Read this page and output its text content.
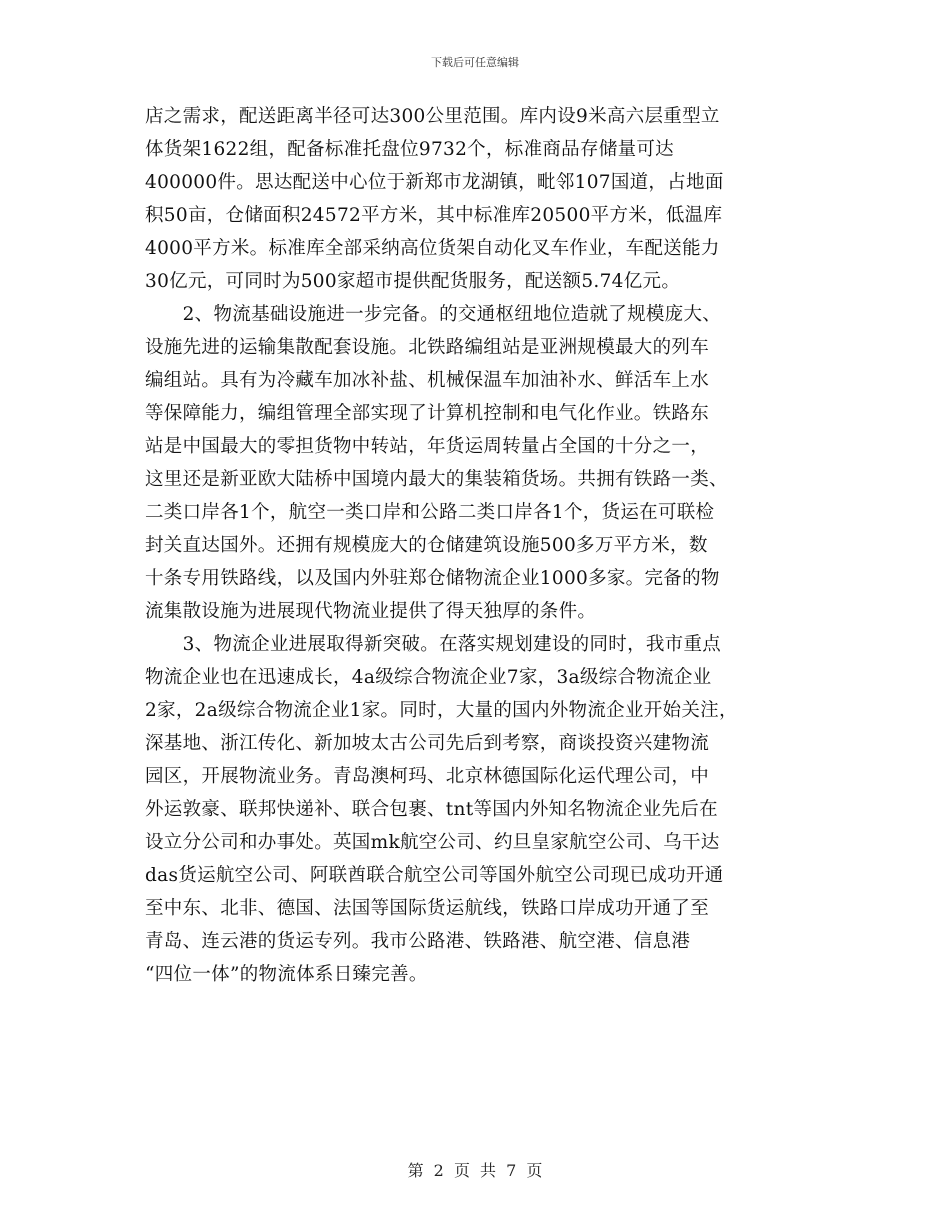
下载后可任意编辑
店之需求，配送距离半径可达300公里范围。库内设9米高六层重型立
体货架1622组，配备标准托盘位9732个，标准商品存储量可达
400000件。思达配送中心位于新郑市龙湖镇，毗邻107国道，占地面
积50亩，仓储面积24572平方米，其中标准库20500平方米，低温库
4000平方米。标准库全部采纳高位货架自动化叉车作业，车配送能力
30亿元，可同时为500家超市提供配货服务，配送额5.74亿元。
　　2、物流基础设施进一步完备。的交通枢纽地位造就了规模庞大、
设施先进的运输集散配套设施。北铁路编组站是亚洲规模最大的列车
编组站。具有为冷藏车加冰补盐、机械保温车加油补水、鲜活车上水
等保障能力，编组管理全部实现了计算机控制和电气化作业。铁路东
站是中国最大的零担货物中转站，年货运周转量占全国的十分之一，
这里还是新亚欧大陆桥中国境内最大的集装箱货场。共拥有铁路一类、
二类口岸各1个，航空一类口岸和公路二类口岸各1个，货运在可联检
封关直达国外。还拥有规模庞大的仓储建筑设施500多万平方米，数
十条专用铁路线，以及国内外驻郑仓储物流企业1000多家。完备的物
流集散设施为进展现代物流业提供了得天独厚的条件。
　　3、物流企业进展取得新突破。在落实规划建设的同时，我市重点
物流企业也在迅速成长，4a级综合物流企业7家，3a级综合物流企业
2家，2a级综合物流企业1家。同时，大量的国内外物流企业开始关注，
深基地、浙江传化、新加坡太古公司先后到考察，商谈投资兴建物流
园区，开展物流业务。青岛澳柯玛、北京林德国际化运代理公司，中
外运敦豪、联邦快递补、联合包裹、tnt等国内外知名物流企业先后在
设立分公司和办事处。英国mk航空公司、约旦皇家航空公司、乌干达
das货运航空公司、阿联酋联合航空公司等国外航空公司现已成功开通
至中东、北非、德国、法国等国际货运航线，铁路口岸成功开通了至
青岛、连云港的货运专列。我市公路港、铁路港、航空港、信息港
“四位一体”的物流体系日臻完善。
第 2 页 共 7 页
